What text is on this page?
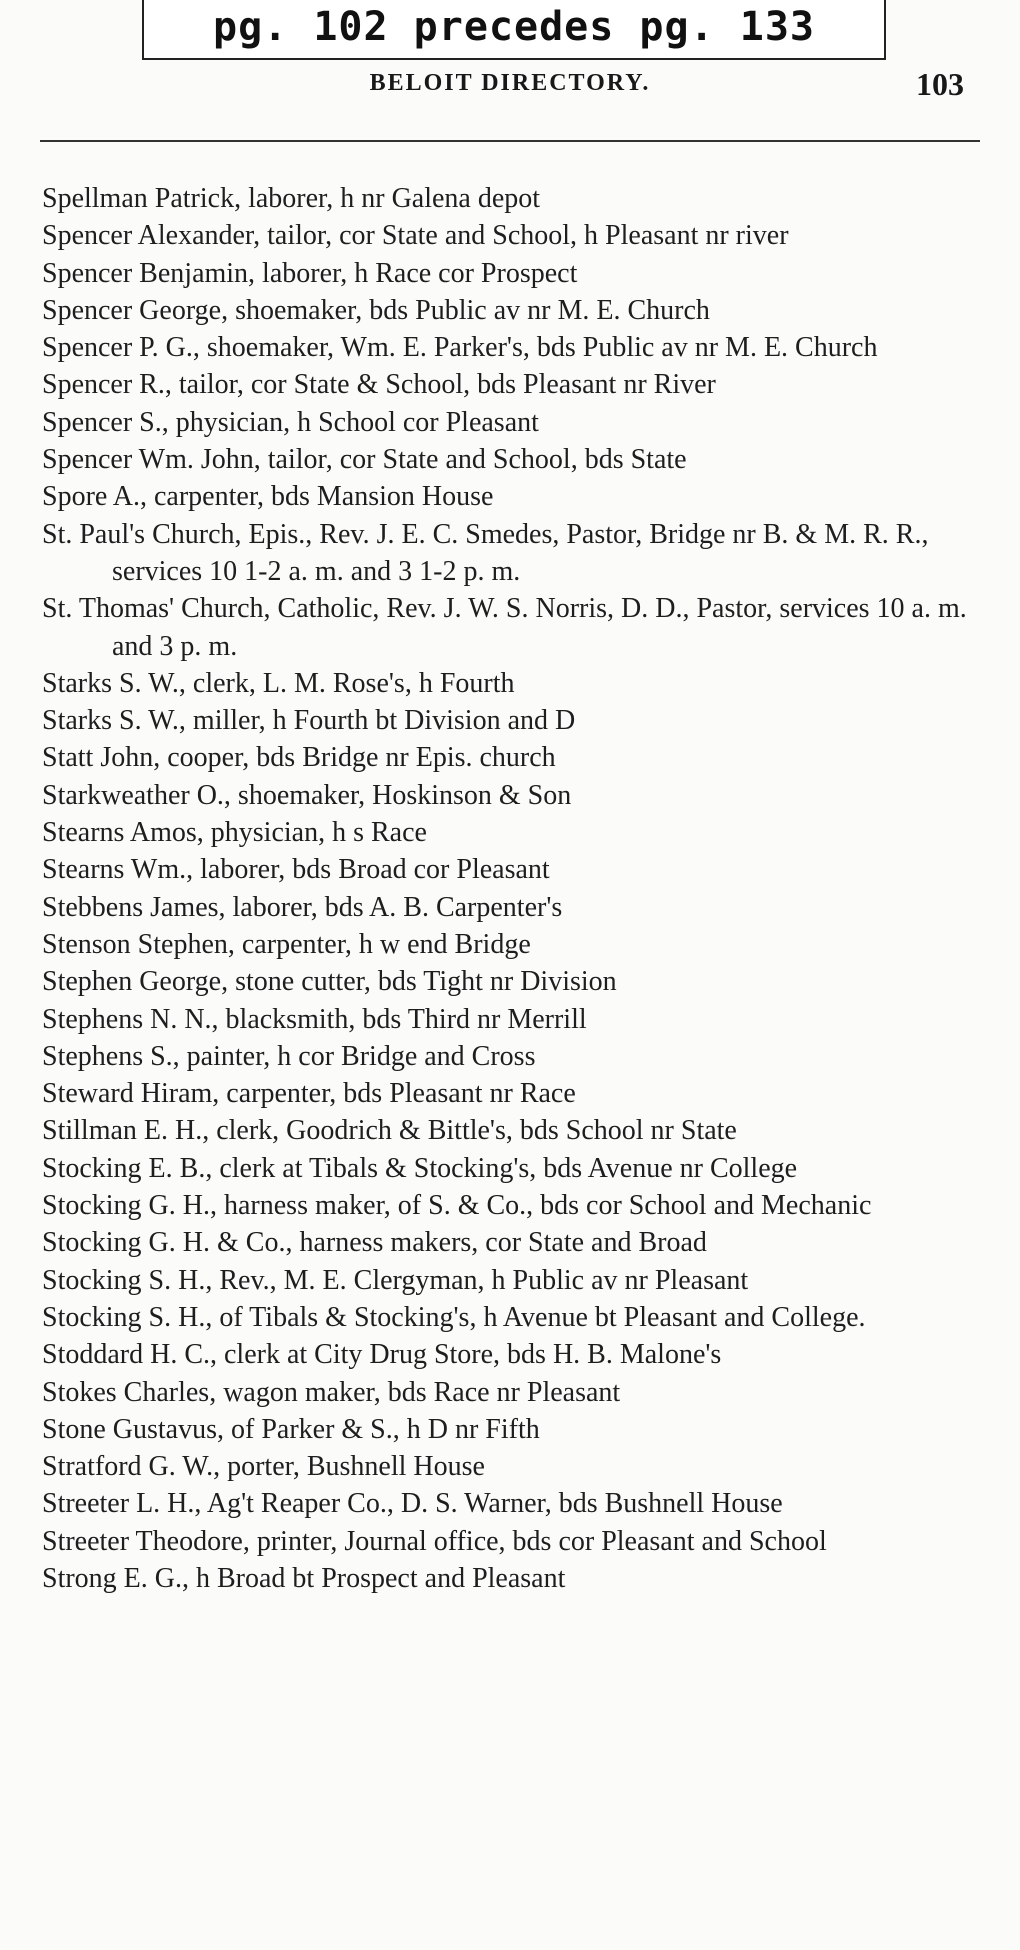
pg. 102 precedes pg. 133
BELOIT DIRECTORY.	103
Spellman Patrick, laborer, h nr Galena depot
Spencer Alexander, tailor, cor State and School, h Pleasant nr river
Spencer Benjamin, laborer, h Race cor Prospect
Spencer George, shoemaker, bds Public av nr M. E. Church
Spencer P. G., shoemaker, Wm. E. Parker's, bds Public av nr M. E. Church
Spencer R., tailor, cor State & School, bds Pleasant nr River
Spencer S., physician, h School cor Pleasant
Spencer Wm. John, tailor, cor State and School, bds State
Spore A., carpenter, bds Mansion House
St. Paul's Church, Epis., Rev. J. E. C. Smedes, Pastor, Bridge nr B. & M. R. R., services 10 1-2 a. m. and 3 1-2 p. m.
St. Thomas' Church, Catholic, Rev. J. W. S. Norris, D. D., Pastor, services 10 a. m. and 3 p. m.
Starks S. W., clerk, L. M. Rose's, h Fourth
Starks S. W., miller, h Fourth bt Division and D
Statt John, cooper, bds Bridge nr Epis. church
Starkweather O., shoemaker, Hoskinson & Son
Stearns Amos, physician, h s Race
Stearns Wm., laborer, bds Broad cor Pleasant
Stebbens James, laborer, bds A. B. Carpenter's
Stenson Stephen, carpenter, h w end Bridge
Stephen George, stone cutter, bds Tight nr Division
Stephens N. N., blacksmith, bds Third nr Merrill
Stephens S., painter, h cor Bridge and Cross
Steward Hiram, carpenter, bds Pleasant nr Race
Stillman E. H., clerk, Goodrich & Bittle's, bds School nr State
Stocking E. B., clerk at Tibals & Stocking's, bds Avenue nr College
Stocking G. H., harness maker, of S. & Co., bds cor School and Mechanic
Stocking G. H. & Co., harness makers, cor State and Broad
Stocking S. H., Rev., M. E. Clergyman, h Public av nr Pleasant
Stocking S. H., of Tibals & Stocking's, h Avenue bt Pleasant and College.
Stoddard H. C., clerk at City Drug Store, bds H. B. Malone's
Stokes Charles, wagon maker, bds Race nr Pleasant
Stone Gustavus, of Parker & S., h D nr Fifth
Stratford G. W., porter, Bushnell House
Streeter L. H., Ag't Reaper Co., D. S. Warner, bds Bushnell House
Streeter Theodore, printer, Journal office, bds cor Pleasant and School
Strong E. G., h Broad bt Prospect and Pleasant
